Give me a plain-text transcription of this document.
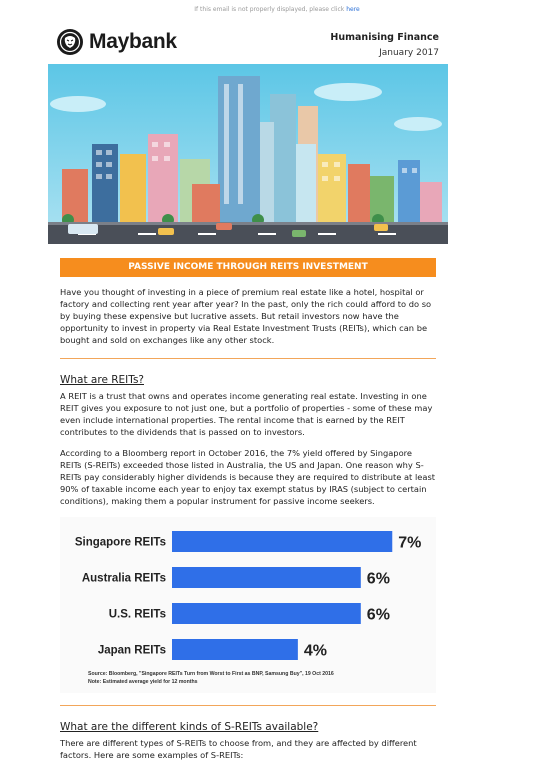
If this email is not properly displayed, please click here
Maybank	Humanising Finance
January 2017
PASSIVE INCOME THROUGH REITS INVESTMENT

Have you thought of investing in a piece of premium real estate like a hotel, hospital or factory and collecting rent year after year? In the past, only the rich could afford to do so by buying these expensive but lucrative assets. But retail investors now have the opportunity to invest in property via Real Estate Investment Trusts (REITs), which can be bought and sold on exchanges like any other stock.

What are REITs?

A REIT is a trust that owns and operates income generating real estate. Investing in one REIT gives you exposure to not just one, but a portfolio of properties - some of these may even include international properties. The rental income that is earned by the REIT contributes to the dividends that is passed on to investors.

According to a Bloomberg report in October 2016, the 7% yield offered by Singapore REITs (S-REITs) exceeded those listed in Australia, the US and Japan. One reason why S-REITs pay considerably higher dividends is because they are required to distribute at least 90% of taxable income each year to enjoy tax exempt status by IRAS (subject to certain conditions), making them a popular instrument for passive income seekers.

Singapore REITs	7%
Australia REITs	6%
U.S. REITs	6%
Japan REITs	4%
Source: Bloomberg, "Singapore REITs Turn from Worst to First as BNP, Samsung Buy", 19 Oct 2016
Note: Estimated average yield for 12 months
What are the different kinds of S-REITs available?

There are different types of S-REITs to choose from, and they are affected by different factors. Here are some examples of S-REITs:
